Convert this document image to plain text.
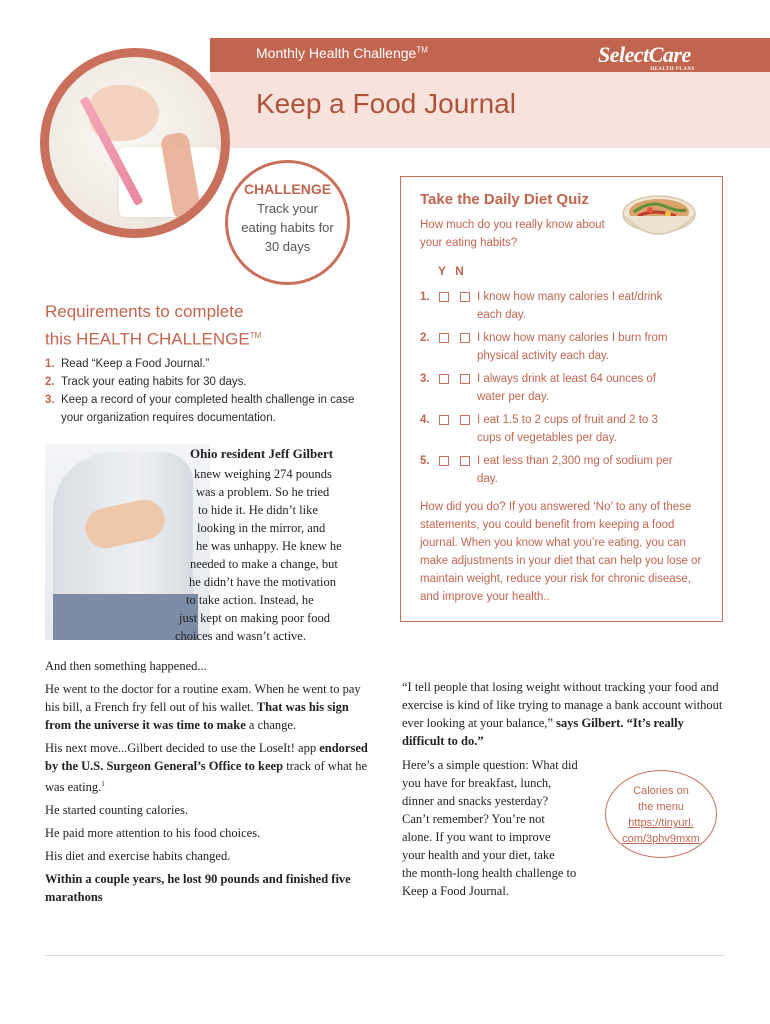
Monthly Health Challenge™	SelectCare
HEALTH PLANS
Keep a Food Journal
CHALLENGE
Track your eating habits for 30 days
Requirements to complete
this HEALTH CHALLENGE™
1. Read “Keep a Food Journal.”
2. Track your eating habits for 30 days.
3. Keep a record of your completed health challenge in case your organization requires documentation.
Ohio resident Jeff Gilbert
knew weighing 274 pounds
was a problem. So he tried
to hide it. He didn’t like
looking in the mirror, and
he was unhappy. He knew he
needed to make a change, but
he didn’t have the motivation
to take action. Instead, he
just kept on making poor food
choices and wasn’t active.

And then something happened...

He went to the doctor for a routine exam. When he went to pay his bill, a French fry fell out of his wallet. That was his sign from the universe it was time to make a change.

His next move...Gilbert decided to use the LoseIt! app endorsed by the U.S. Surgeon General’s Office to keep track of what he was eating.$^1$

He started counting calories.

He paid more attention to his food choices.

His diet and exercise habits changed.

Within a couple years, he lost 90 pounds and finished five marathons

Take the Daily Diet Quiz
How much do you really know about your eating habits?
Y N
1.	I know how many calories I eat/drink each day.
2.	I know how many calories I burn from physical activity each day.
3.	I always drink at least 64 ounces of water per day.
4.	I eat 1.5 to 2 cups of fruit and 2 to 3 cups of vegetables per day.
5.	I eat less than 2,300 mg of sodium per day.
How did you do? If you answered ‘No’ to any of these statements, you could benefit from keeping a food journal. When you know what you’re eating, you can make adjustments in your diet that can help you lose or maintain weight, reduce your risk for chronic disease, and improve your health..
“I tell people that losing weight without tracking your food and exercise is kind of like trying to manage a bank account without ever looking at your balance,” says Gilbert. “It’s really difficult to do.”
Here’s a simple question: What did
you have for breakfast, lunch,
dinner and snacks yesterday?
Can’t remember? You’re not
alone. If you want to improve
your health and your diet, take
the month-long health challenge to
Keep a Food Journal.
Calories on
the menu
https://tinyurl.
com/3phv9mxm
